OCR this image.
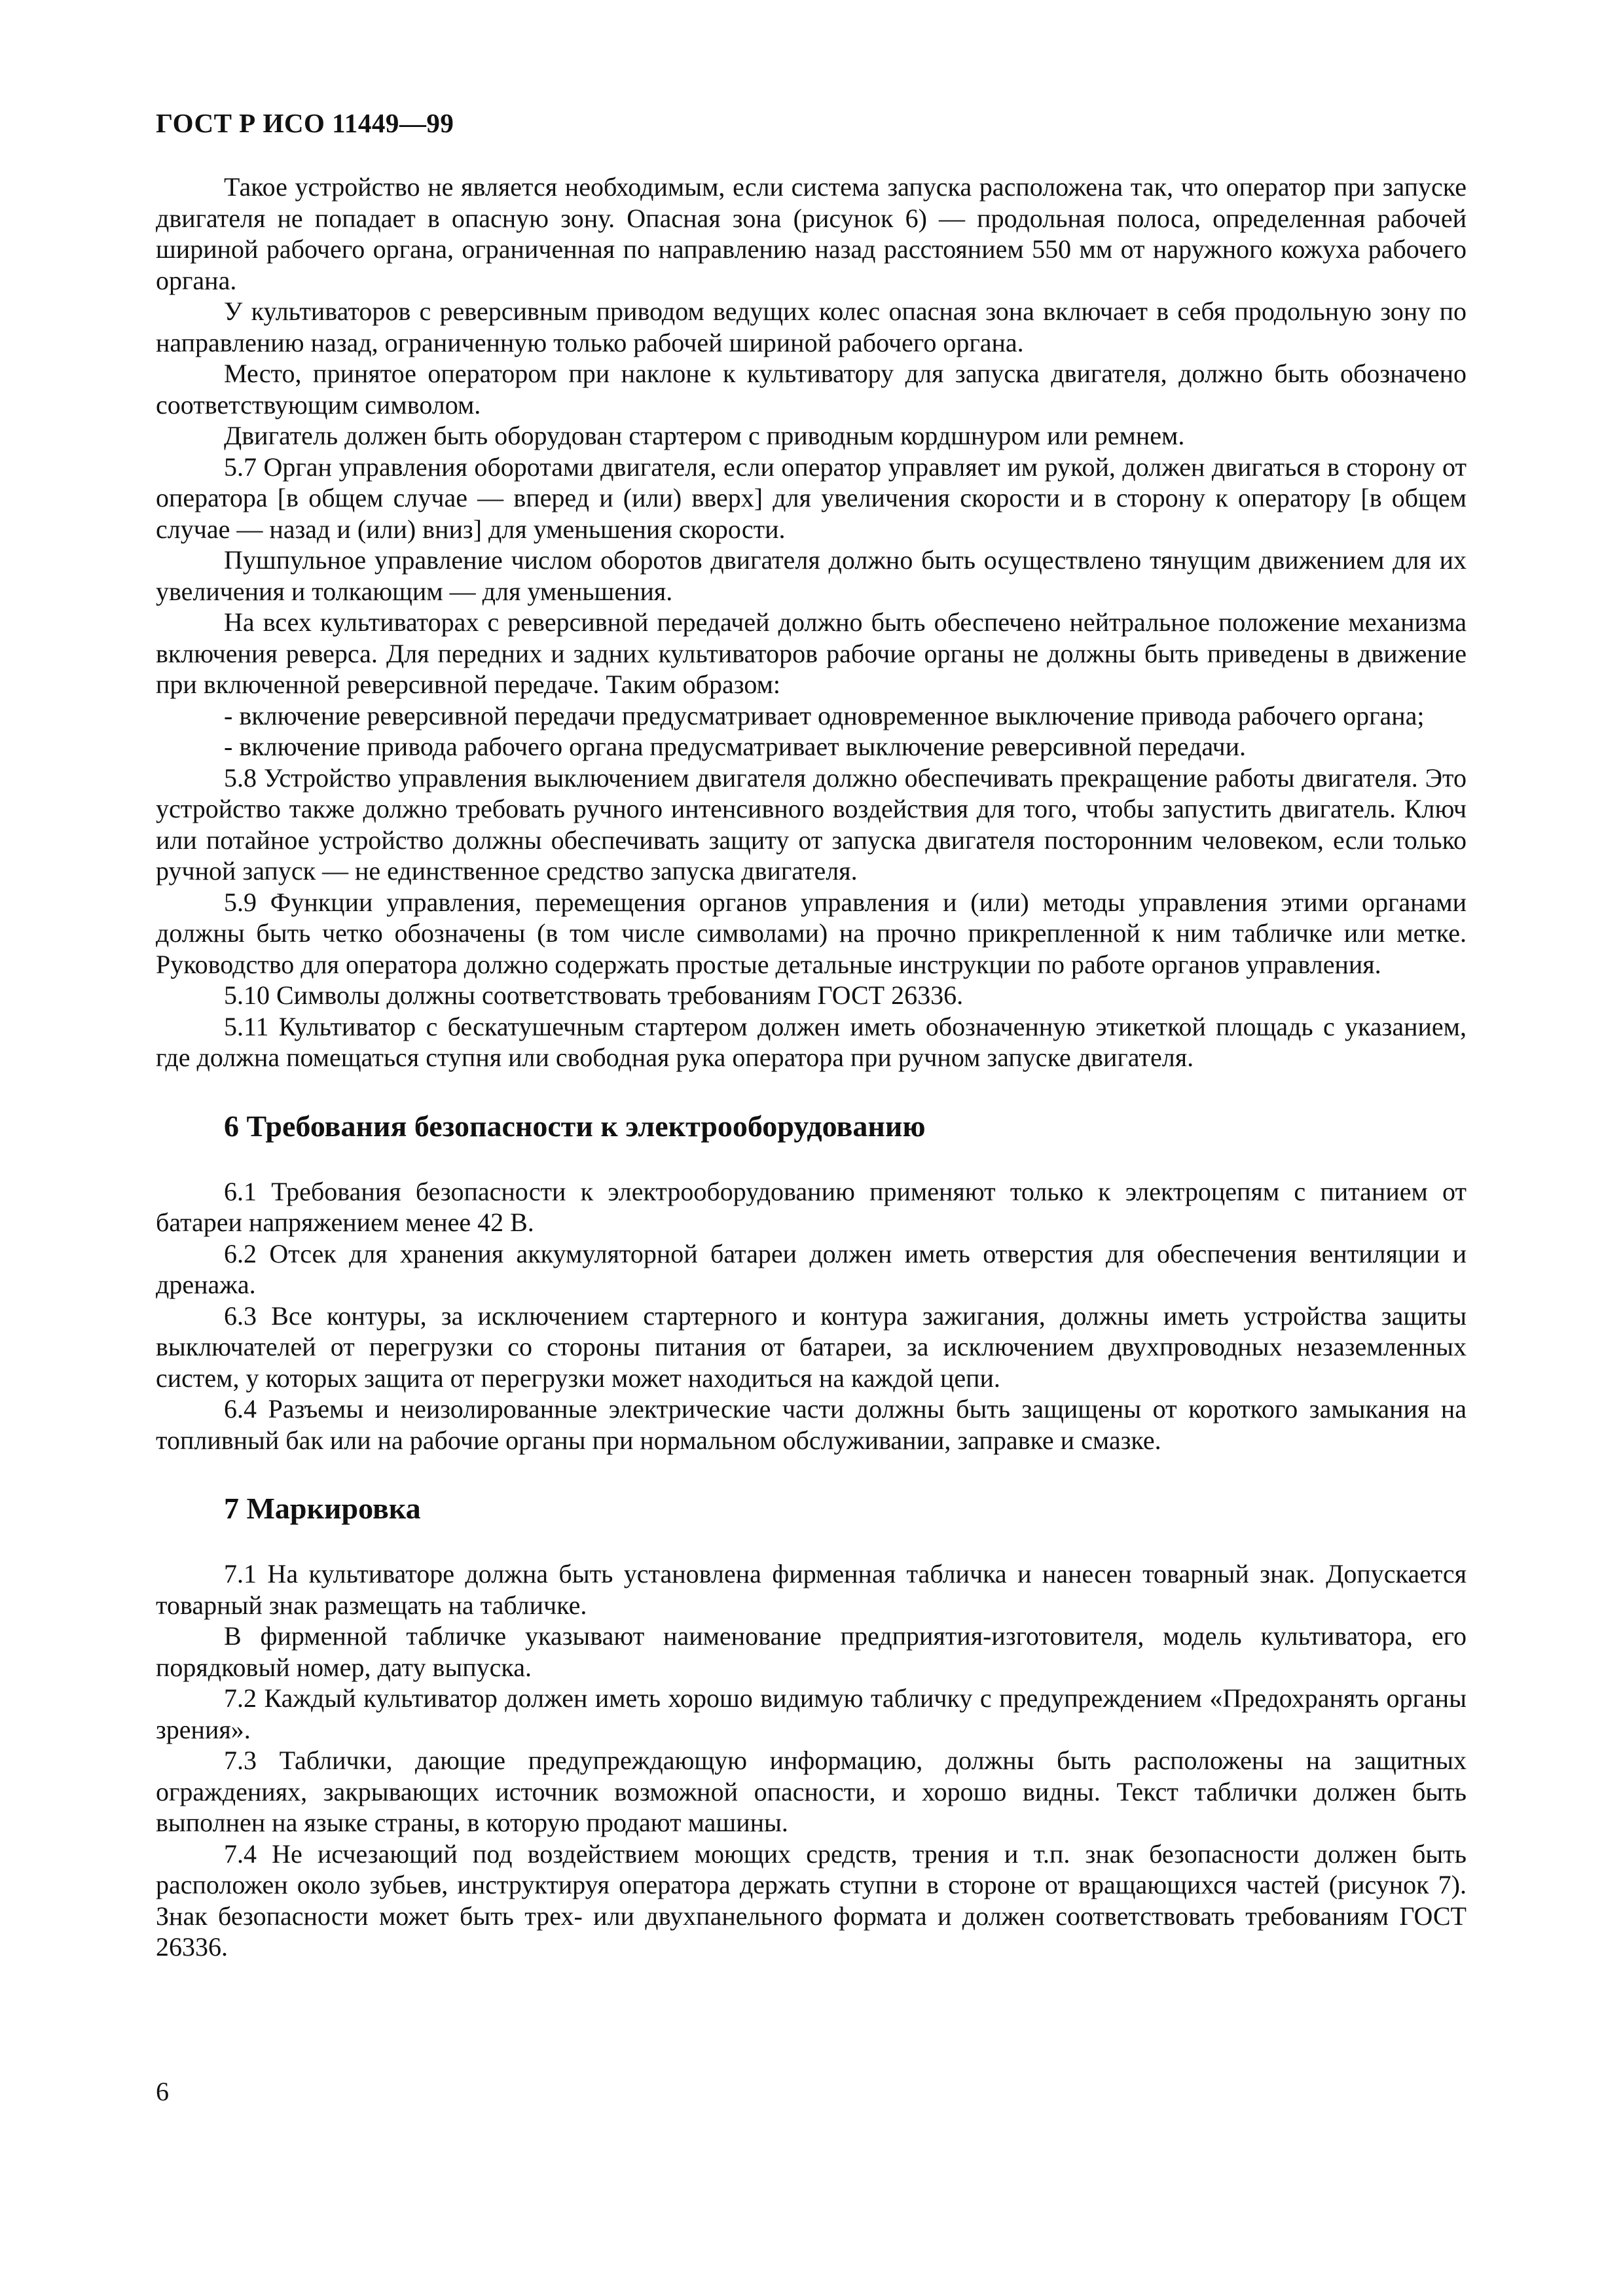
ГОСТ Р ИСО 11449—99

Такое устройство не является необходимым, если система запуска расположена так, что оператор при запуске двигателя не попадает в опасную зону. Опасная зона (рисунок 6) — продольная полоса, определенная рабочей шириной рабочего органа, ограниченная по направлению назад расстоянием 550 мм от наружного кожуха рабочего органа.

У культиваторов с реверсивным приводом ведущих колес опасная зона включает в себя продольную зону по направлению назад, ограниченную только рабочей шириной рабочего органа.

Место, принятое оператором при наклоне к культиватору для запуска двигателя, должно быть обозначено соответствующим символом.

Двигатель должен быть оборудован стартером с приводным кордшнуром или ремнем.

5.7 Орган управления оборотами двигателя, если оператор управляет им рукой, должен двигаться в сторону от оператора [в общем случае — вперед и (или) вверх] для увеличения скорости и в сторону к оператору [в общем случае — назад и (или) вниз] для уменьшения скорости.

Пушпульное управление числом оборотов двигателя должно быть осуществлено тянущим движением для их увеличения и толкающим — для уменьшения.

На всех культиваторах с реверсивной передачей должно быть обеспечено нейтральное положение механизма включения реверса. Для передних и задних культиваторов рабочие органы не должны быть приведены в движение при включенной реверсивной передаче. Таким образом:

- включение реверсивной передачи предусматривает одновременное выключение привода рабочего органа;

- включение привода рабочего органа предусматривает выключение реверсивной передачи.

5.8 Устройство управления выключением двигателя должно обеспечивать прекращение работы двигателя. Это устройство также должно требовать ручного интенсивного воздействия для того, чтобы запустить двигатель. Ключ или потайное устройство должны обеспечивать защиту от запуска двигателя посторонним человеком, если только ручной запуск — не единственное средство запуска двигателя.

5.9 Функции управления, перемещения органов управления и (или) методы управления этими органами должны быть четко обозначены (в том числе символами) на прочно прикрепленной к ним табличке или метке. Руководство для оператора должно содержать простые детальные инструкции по работе органов управления.

5.10 Символы должны соответствовать требованиям ГОСТ 26336.

5.11 Культиватор с бескатушечным стартером должен иметь обозначенную этикеткой площадь с указанием, где должна помещаться ступня или свободная рука оператора при ручном запуске двигателя.

6 Требования безопасности к электрооборудованию

6.1 Требования безопасности к электрооборудованию применяют только к электроцепям с питанием от батареи напряжением менее 42 В.

6.2 Отсек для хранения аккумуляторной батареи должен иметь отверстия для обеспечения вентиляции и дренажа.

6.3 Все контуры, за исключением стартерного и контура зажигания, должны иметь устройства защиты выключателей от перегрузки со стороны питания от батареи, за исключением двухпроводных незаземленных систем, у которых защита от перегрузки может находиться на каждой цепи.

6.4 Разъемы и неизолированные электрические части должны быть защищены от короткого замыкания на топливный бак или на рабочие органы при нормальном обслуживании, заправке и смазке.

7 Маркировка

7.1 На культиваторе должна быть установлена фирменная табличка и нанесен товарный знак. Допускается товарный знак размещать на табличке.

В фирменной табличке указывают наименование предприятия-изготовителя, модель культиватора, его порядковый номер, дату выпуска.

7.2 Каждый культиватор должен иметь хорошо видимую табличку с предупреждением «Предохранять органы зрения».

7.3 Таблички, дающие предупреждающую информацию, должны быть расположены на защитных ограждениях, закрывающих источник возможной опасности, и хорошо видны. Текст таблички должен быть выполнен на языке страны, в которую продают машины.

7.4 Не исчезающий под воздействием моющих средств, трения и т.п. знак безопасности должен быть расположен около зубьев, инструктируя оператора держать ступни в стороне от вращающихся частей (рисунок 7). Знак безопасности может быть трех- или двухпанельного формата и должен соответствовать требованиям ГОСТ 26336.

6
